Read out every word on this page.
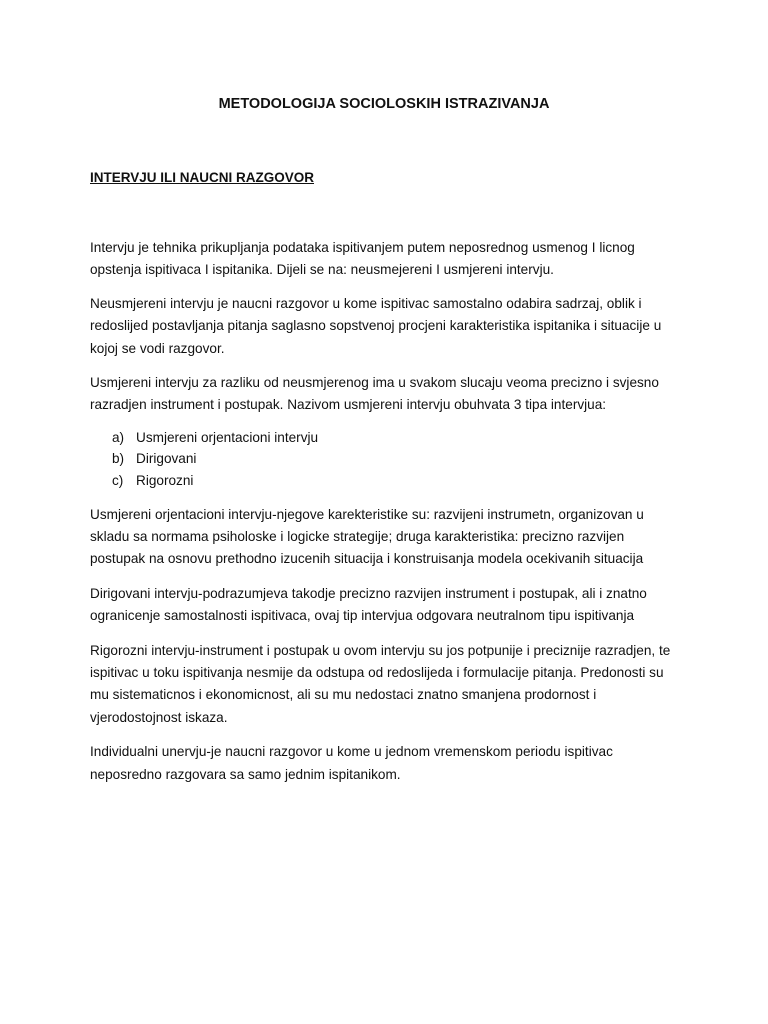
METODOLOGIJA SOCIOLOSKIH ISTRAZIVANJA
INTERVJU ILI NAUCNI RAZGOVOR

Intervju je tehnika prikupljanja podataka ispitivanjem putem neposrednog usmenog I licnog opstenja ispitivaca I ispitanika. Dijeli se na: neusmejereni I usmjereni intervju.

Neusmjereni intervju je naucni razgovor u kome ispitivac samostalno odabira sadrzaj, oblik i redoslijed postavljanja pitanja saglasno sopstvenoj procjeni karakteristika ispitanika i situacije u kojoj se vodi razgovor.

Usmjereni intervju za razliku od neusmjerenog ima u svakom slucaju veoma precizno i svjesno razradjen instrument i postupak. Nazivom usmjereni intervju obuhvata 3 tipa intervjua:

a) Usmjereni orjentacioni intervju
b) Dirigovani
c) Rigorozni

Usmjereni orjentacioni intervju-njegove karekteristike su: razvijeni instrumetn, organizovan u skladu sa normama psiholoske i logicke strategije; druga karakteristika: precizno razvijen postupak na osnovu prethodno izucenih situacija i konstruisanja modela ocekivanih situacija

Dirigovani intervju-podrazumjeva takodje precizno razvijen instrument i postupak, ali i znatno ogranicenje samostalnosti ispitivaca, ovaj tip intervjua odgovara neutralnom tipu ispitivanja

Rigorozni intervju-instrument i postupak u ovom intervju su jos potpunije i preciznije razradjen, te ispitivac u toku ispitivanja nesmije da odstupa od redoslijeda i formulacije pitanja. Predonosti su mu sistematicnos i ekonomicnost, ali su mu nedostaci znatno smanjena prodornost i vjerodostojnost iskaza.

Individualni unervju-je naucni razgovor u kome u jednom vremenskom periodu ispitivac neposredno razgovara sa samo jednim ispitanikom.
